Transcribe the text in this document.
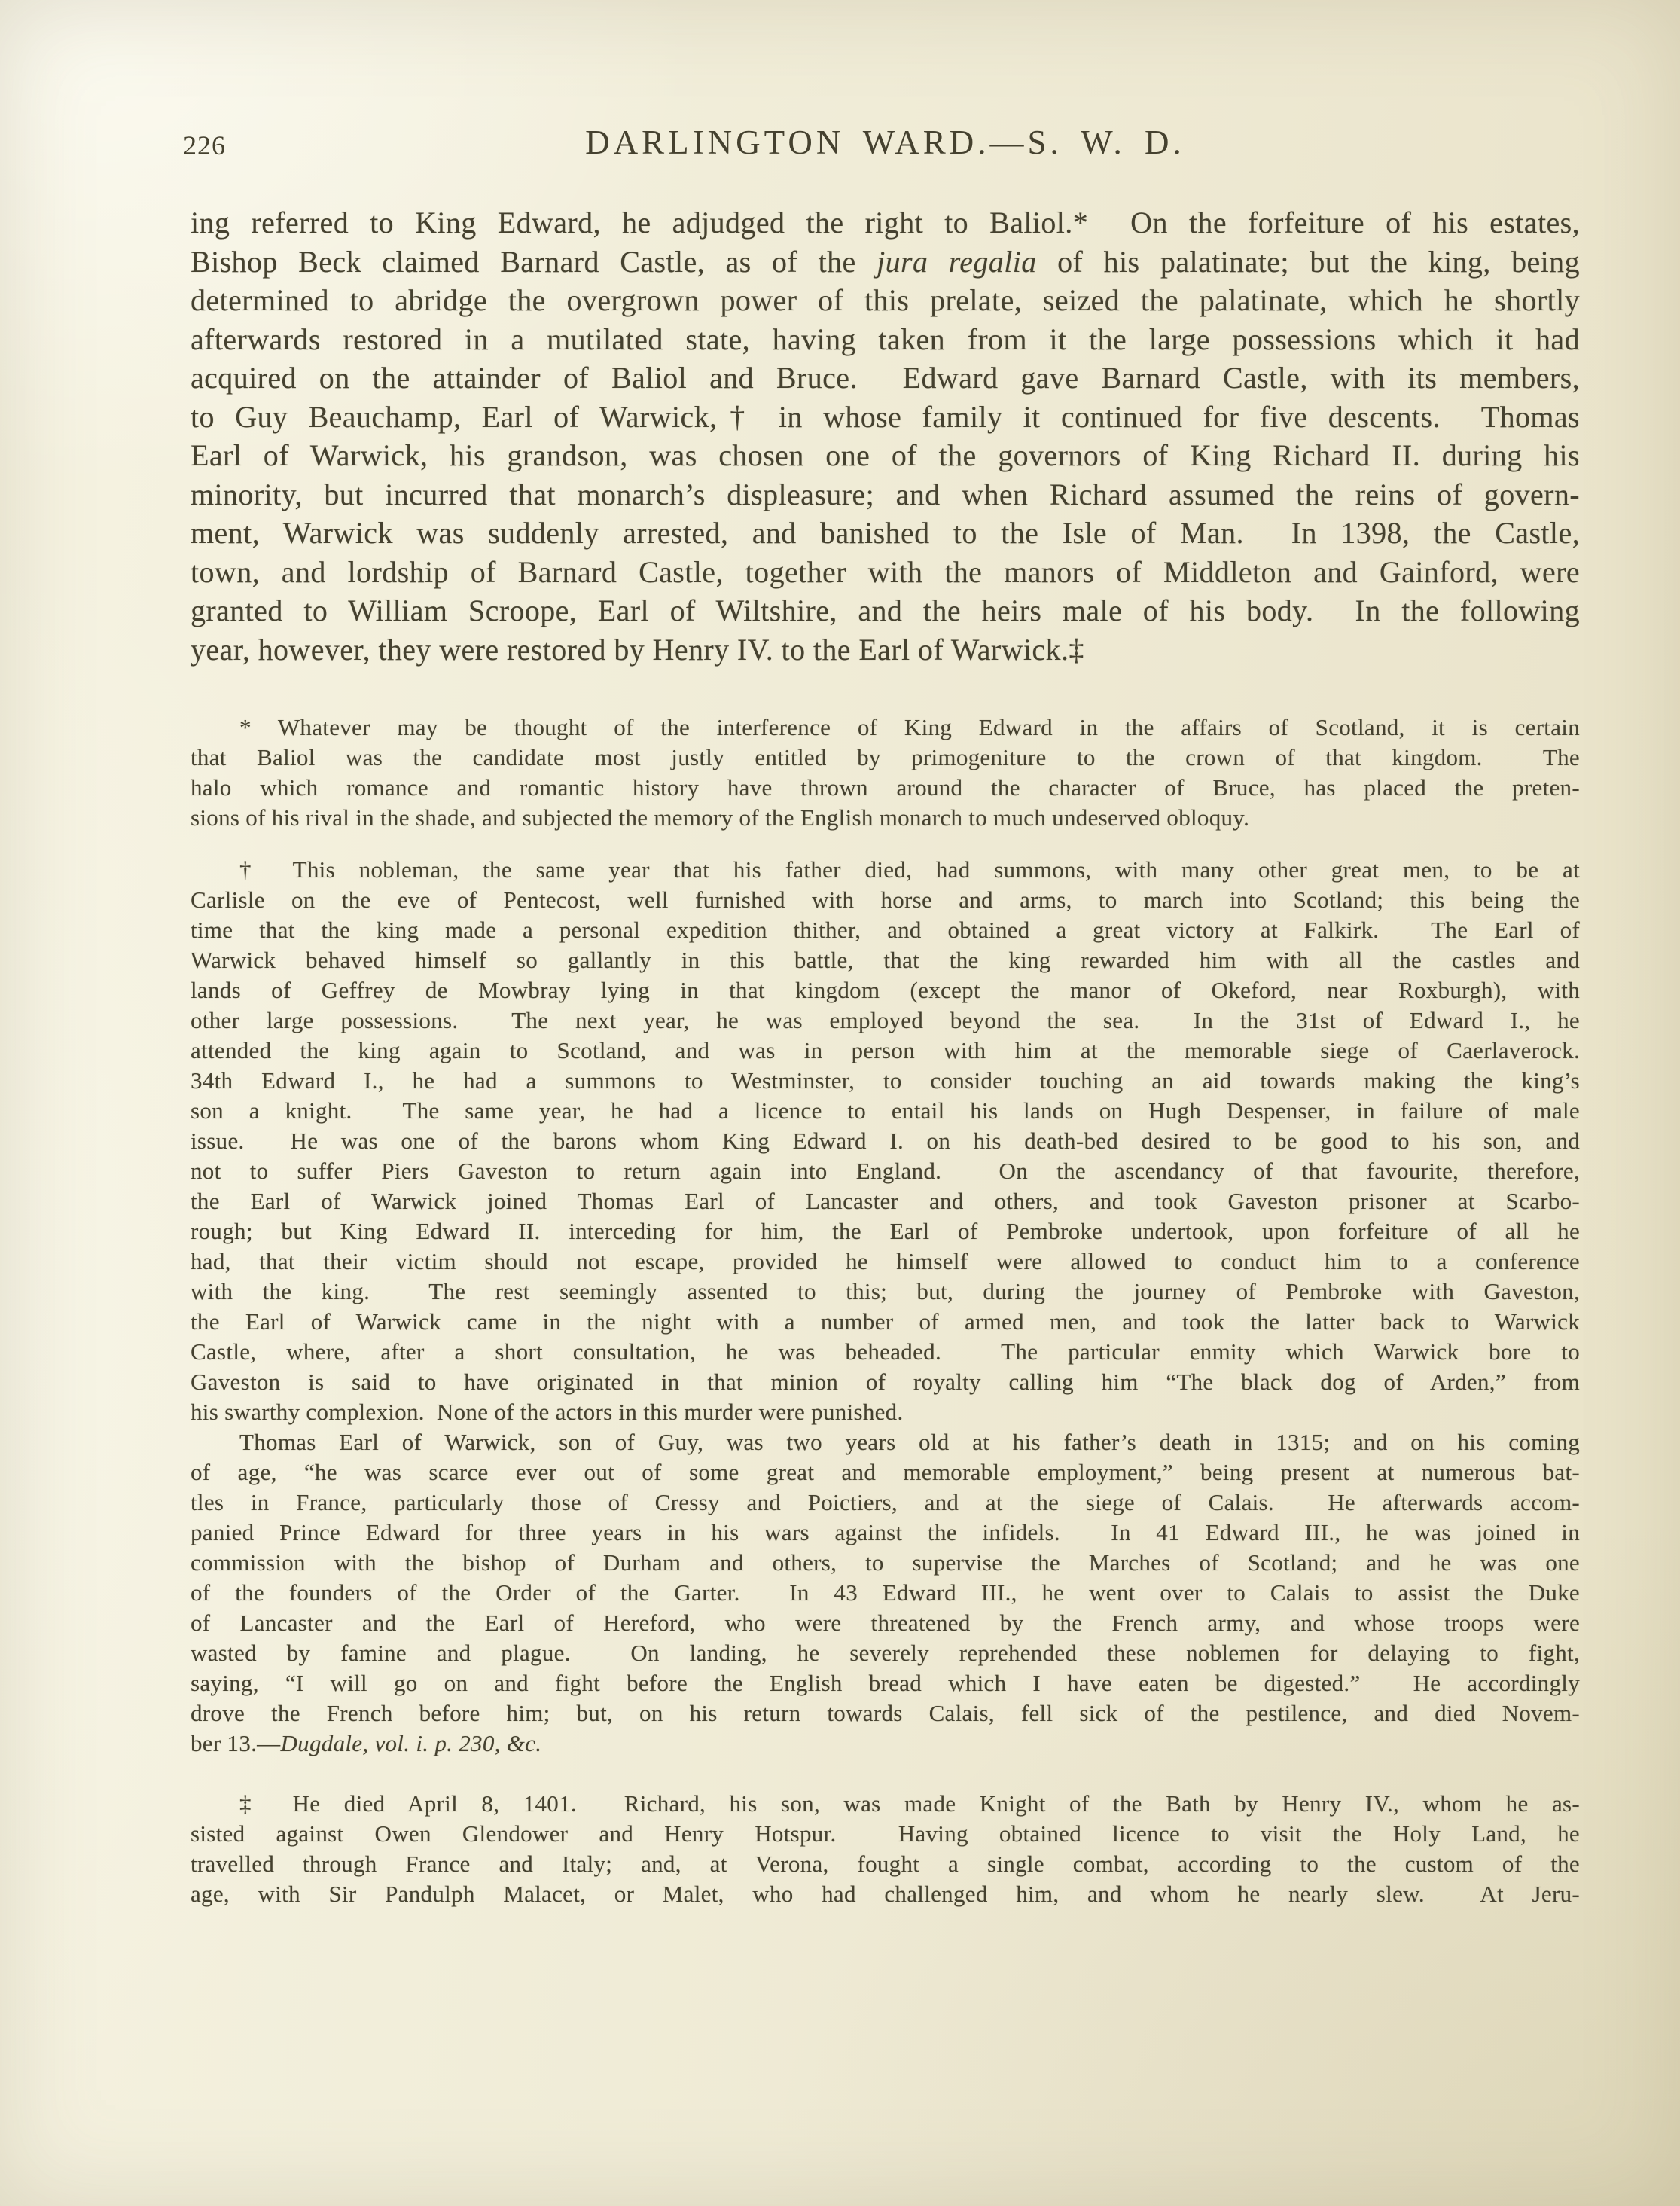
226	DARLINGTON WARD.—S. W. D.
ing referred to King Edward, he adjudged the right to Baliol.*  On the forfeiture of his estates,
Bishop Beck claimed Barnard Castle, as of the jura regalia of his palatinate; but the king, being
determined to abridge the overgrown power of this prelate, seized the palatinate, which he shortly
afterwards restored in a mutilated state, having taken from it the large possessions which it had
acquired on the attainder of Baliol and Bruce.  Edward gave Barnard Castle, with its members,
to Guy Beauchamp, Earl of Warwick,† in whose family it continued for five descents.  Thomas
Earl of Warwick, his grandson, was chosen one of the governors of King Richard II. during his
minority, but incurred that monarch’s displeasure; and when Richard assumed the reins of govern-
ment, Warwick was suddenly arrested, and banished to the Isle of Man.  In 1398, the Castle,
town, and lordship of Barnard Castle, together with the manors of Middleton and Gainford, were
granted to William Scroope, Earl of Wiltshire, and the heirs male of his body.  In the following
year, however, they were restored by Henry IV. to the Earl of Warwick.‡
* Whatever may be thought of the interference of King Edward in the affairs of Scotland, it is certain
that Baliol was the candidate most justly entitled by primogeniture to the crown of that kingdom.  The
halo which romance and romantic history have thrown around the character of Bruce, has placed the preten-
sions of his rival in the shade, and subjected the memory of the English monarch to much undeserved obloquy.
† This nobleman, the same year that his father died, had summons, with many other great men, to be at
Carlisle on the eve of Pentecost, well furnished with horse and arms, to march into Scotland; this being the
time that the king made a personal expedition thither, and obtained a great victory at Falkirk.  The Earl of
Warwick behaved himself so gallantly in this battle, that the king rewarded him with all the castles and
lands of Geffrey de Mowbray lying in that kingdom (except the manor of Okeford, near Roxburgh), with
other large possessions.  The next year, he was employed beyond the sea.  In the 31st of Edward I., he
attended the king again to Scotland, and was in person with him at the memorable siege of Caerlaverock.
34th Edward I., he had a summons to Westminster, to consider touching an aid towards making the king’s
son a knight.  The same year, he had a licence to entail his lands on Hugh Despenser, in failure of male
issue.  He was one of the barons whom King Edward I. on his death-bed desired to be good to his son, and
not to suffer Piers Gaveston to return again into England.  On the ascendancy of that favourite, therefore,
the Earl of Warwick joined Thomas Earl of Lancaster and others, and took Gaveston prisoner at Scarbo-
rough; but King Edward II. interceding for him, the Earl of Pembroke undertook, upon forfeiture of all he
had, that their victim should not escape, provided he himself were allowed to conduct him to a conference
with the king.  The rest seemingly assented to this; but, during the journey of Pembroke with Gaveston,
the Earl of Warwick came in the night with a number of armed men, and took the latter back to Warwick
Castle, where, after a short consultation, he was beheaded.  The particular enmity which Warwick bore to
Gaveston is said to have originated in that minion of royalty calling him “The black dog of Arden,” from
his swarthy complexion.  None of the actors in this murder were punished.
Thomas Earl of Warwick, son of Guy, was two years old at his father’s death in 1315; and on his coming
of age, “he was scarce ever out of some great and memorable employment,” being present at numerous bat-
tles in France, particularly those of Cressy and Poictiers, and at the siege of Calais.  He afterwards accom-
panied Prince Edward for three years in his wars against the infidels.  In 41 Edward III., he was joined in
commission with the bishop of Durham and others, to supervise the Marches of Scotland; and he was one
of the founders of the Order of the Garter.  In 43 Edward III., he went over to Calais to assist the Duke
of Lancaster and the Earl of Hereford, who were threatened by the French army, and whose troops were
wasted by famine and plague.  On landing, he severely reprehended these noblemen for delaying to fight,
saying, “I will go on and fight before the English bread which I have eaten be digested.”  He accordingly
drove the French before him; but, on his return towards Calais, fell sick of the pestilence, and died Novem-
ber 13.—Dugdale, vol. i. p. 230, &c.
‡ He died April 8, 1401.  Richard, his son, was made Knight of the Bath by Henry IV., whom he as-
sisted against Owen Glendower and Henry Hotspur.  Having obtained licence to visit the Holy Land, he
travelled through France and Italy; and, at Verona, fought a single combat, according to the custom of the
age, with Sir Pandulph Malacet, or Malet, who had challenged him, and whom he nearly slew.  At Jeru-
